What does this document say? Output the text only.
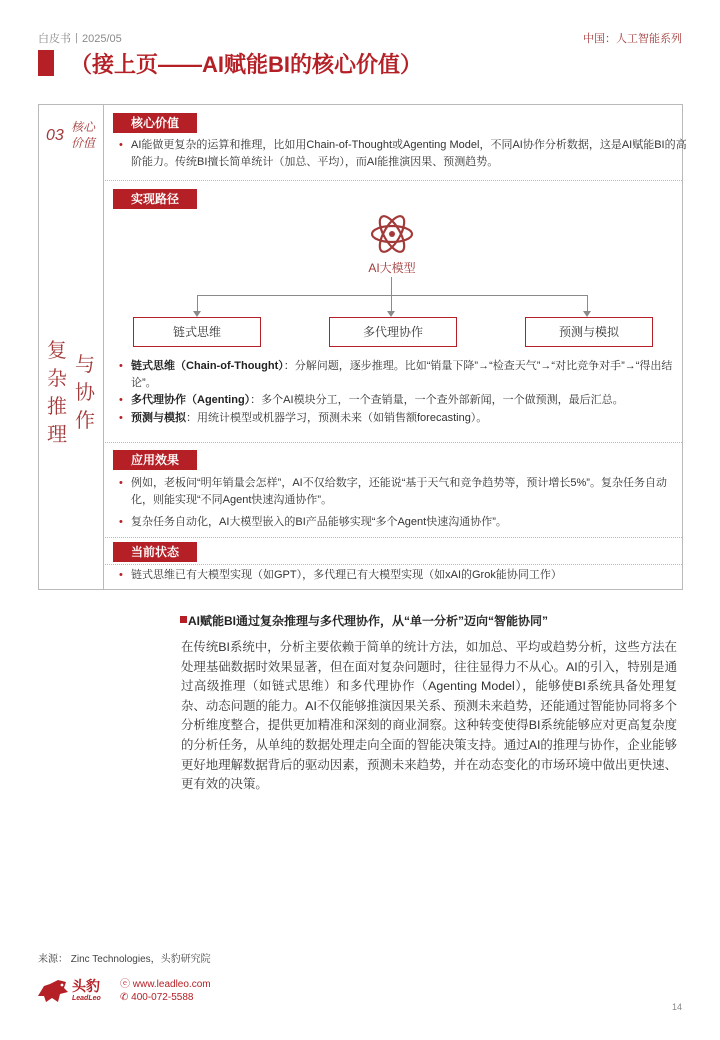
白皮书丨2025/05	中国：人工智能系列
（接上页——AI赋能BI的核心价值）
03 核心价值
复
杂
推
理
与
协
作
核心价值
• AI能做更复杂的运算和推理，比如用Chain-of-Thought或Agenting Model，不同AI协作分析数据，这是AI赋能BI的高阶能力。传统BI擅长简单统计（加总、平均），而AI能推演因果、预测趋势。
实现路径
AI大模型
链式思维	多代理协作	预测与模拟
• 链式思维（Chain-of-Thought）：分解问题，逐步推理。比如“销量下降”→“检查天气”→“对比竞争对手”→“得出结论”。
• 多代理协作（Agenting）：多个AI模块分工，一个查销量，一个查外部新闻，一个做预测，最后汇总。
• 预测与模拟：用统计模型或机器学习，预测未来（如销售额forecasting）。
应用效果
• 例如，老板问“明年销量会怎样”，AI不仅给数字，还能说“基于天气和竞争趋势等，预计增长5%”。复杂任务自动化，则能实现“不同Agent快速沟通协作”。
• 复杂任务自动化，AI大模型嵌入的BI产品能够实现“多个Agent快速沟通协作”。
当前状态
• 链式思维已有大模型实现（如GPT），多代理已有大模型实现（如xAI的Grok能协同工作）
AI赋能BI通过复杂推理与多代理协作，从“单一分析”迈向“智能协同”
在传统BI系统中，分析主要依赖于简单的统计方法，如加总、平均或趋势分析，这些方法在处理基础数据时效果显著，但在面对复杂问题时，往往显得力不从心。AI的引入，特别是通过高级推理（如链式思维）和多代理协作（Agenting Model），能够使BI系统具备处理复杂、动态问题的能力。AI不仅能够推演因果关系、预测未来趋势，还能通过智能协同将多个分析维度整合，提供更加精准和深刻的商业洞察。这种转变使得BI系统能够应对更高复杂度的分析任务，从单纯的数据处理走向全面的智能决策支持。通过AI的推理与协作，企业能够更好地理解数据背后的驱动因素，预测未来趋势，并在动态变化的市场环境中做出更快速、更有效的决策。
来源： Zinc Technologies，头豹研究院
头豹
LeadLeo
ⓔ www.leadleo.com
✆ 400-072-5588
14
